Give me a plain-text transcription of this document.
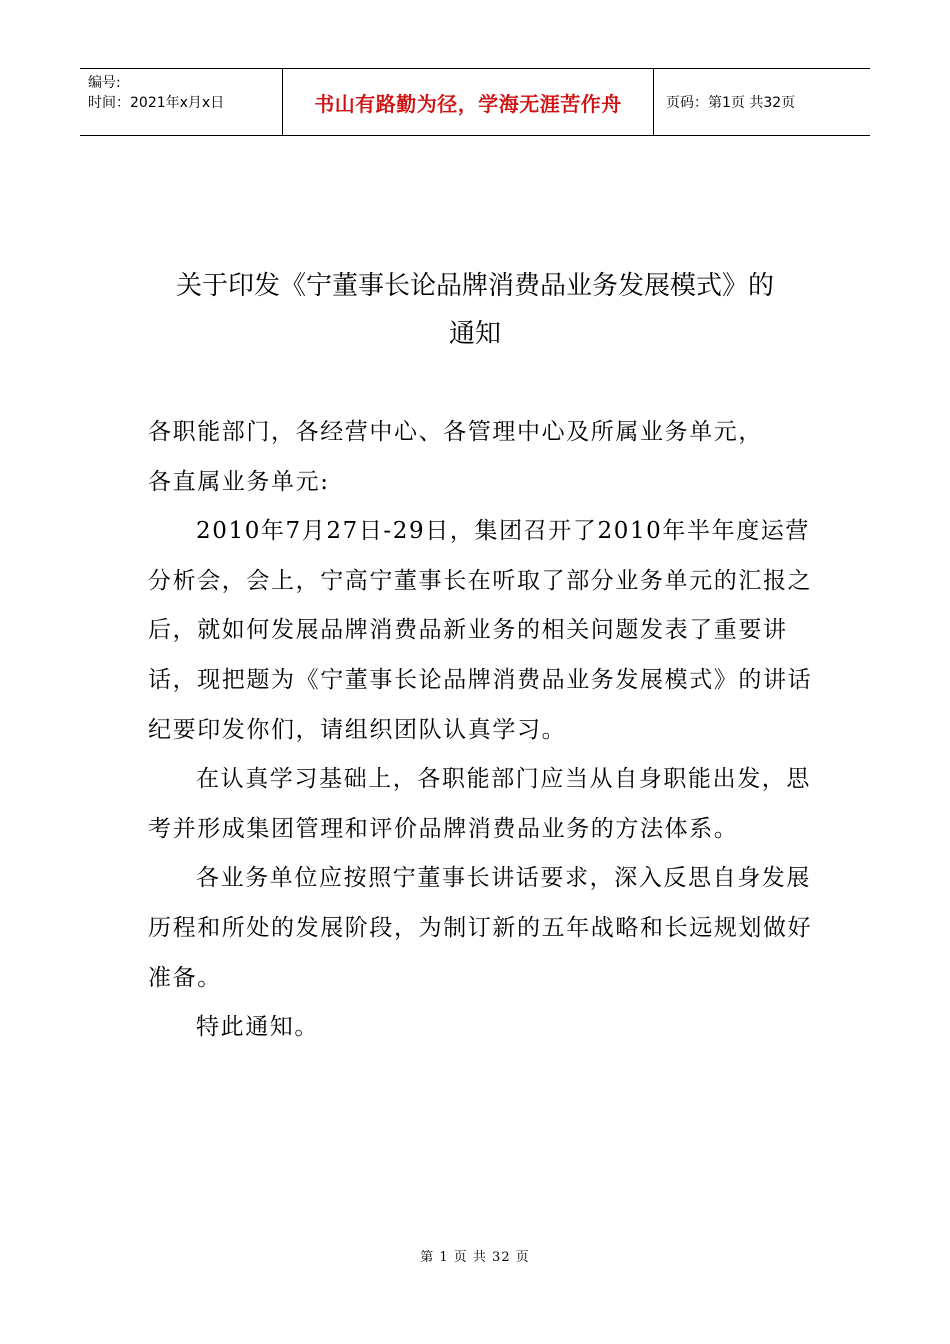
编号:
时间：2021年x月x日	书山有路勤为径，学海无涯苦作舟	页码：第1页 共32页
关于印发《宁董事长论品牌消费品业务发展模式》的
通知

各职能部门，各经营中心、各管理中心及所属业务单元，

各直属业务单元:

2010年7月27日-29日，集团召开了2010年半年度运营分析会，会上，宁高宁董事长在听取了部分业务单元的汇报之后，就如何发展品牌消费品新业务的相关问题发表了重要讲话，现把题为《宁董事长论品牌消费品业务发展模式》的讲话纪要印发你们，请组织团队认真学习。

在认真学习基础上，各职能部门应当从自身职能出发，思考并形成集团管理和评价品牌消费品业务的方法体系。

各业务单位应按照宁董事长讲话要求，深入反思自身发展历程和所处的发展阶段，为制订新的五年战略和长远规划做好准备。

特此通知。

第 1 页 共 32 页
